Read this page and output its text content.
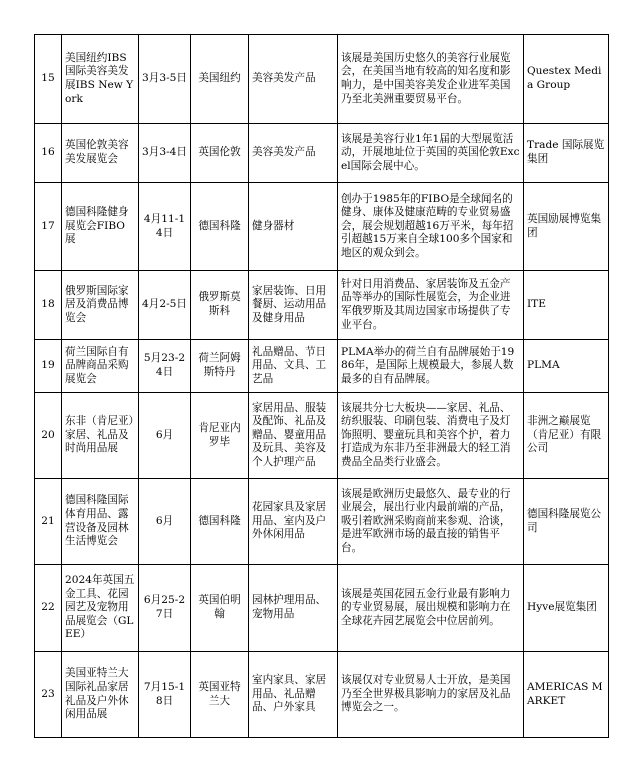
15	美国纽约IBS国际美容美发展IBS New York	3月3-5日	美国纽约	美容美发产品	该展是美国历史悠久的美容行业展览会，在美国当地有较高的知名度和影响力，是中国美容美发企业进军美国乃至北美洲重要贸易平台。	Questex Media Group
16	英国伦敦美容美发展览会	3月3-4日	英国伦敦	美容美发产品	该展是美容行业1年1届的大型展览活动，开展地址位于英国的英国伦敦Excel国际会展中心。	Trade 国际展览集团
17	德国科隆健身展览会FIBO展	4月11-14日	德国科隆	健身器材	创办于1985年的FIBO是全球闻名的健身、康体及健康范畴的专业贸易盛会，展会规划超越16万平米，每年招引超越15万来自全球100多个国家和地区的观众到会。	英国励展博览集团
18	俄罗斯国际家居及消费品博览会	4月2-5日	俄罗斯莫斯科	家居装饰、日用餐厨、运动用品及健身用品	针对日用消费品、家居装饰及五金产品等举办的国际性展览会，为企业进军俄罗斯及其周边国家市场提供了专业平台。	ITE
19	荷兰国际自有品牌商品采购展览会	5月23-24日	荷兰阿姆斯特丹	礼品赠品、节日用品、文具、工艺品	PLMA举办的荷兰自有品牌展始于1986年，是国际上规模最大，参展人数最多的自有品牌展。	PLMA
20	东非（肯尼亚）家居、礼品及时尚用品展	6月	肯尼亚内罗毕	家居用品、服装及配饰、礼品及赠品、婴童用品及玩具、美容及个人护理产品	该展共分七大板块——家居、礼品、纺织服装、印刷包装、消费电子及灯饰照明、婴童玩具和美容个护，着力打造成为东非乃至非洲最大的轻工消费品全品类行业盛会。	非洲之巅展览（肯尼亚）有限公司
21	德国科隆国际体育用品、露营设备及园林生活博览会	6月	德国科隆	花园家具及家居用品、室内及户外休闲用品	该展是欧洲历史最悠久、最专业的行业展会，展出行业内最前端的产品，吸引着欧洲采购商前来参观、洽谈，是进军欧洲市场的最直接的销售平台。	德国科隆展览公司
22	2024年英国五金工具、花园园艺及宠物用品展览会（GLEE）	6月25-27日	英国伯明翰	园林护理用品、宠物用品	该展是英国花园五金行业最有影响力的专业贸易展，展出规模和影响力在全球花卉园艺展览会中位居前列。	Hyve展览集团
23	美国亚特兰大国际礼品家居礼品及户外休闲用品展	7月15-18日	英国亚特兰大	室内家具、家居用品、礼品赠品、户外家具	该展仅对专业贸易人士开放，是美国乃至全世界极具影响力的家居及礼品博览会之一。	AMERICAS MARKET
